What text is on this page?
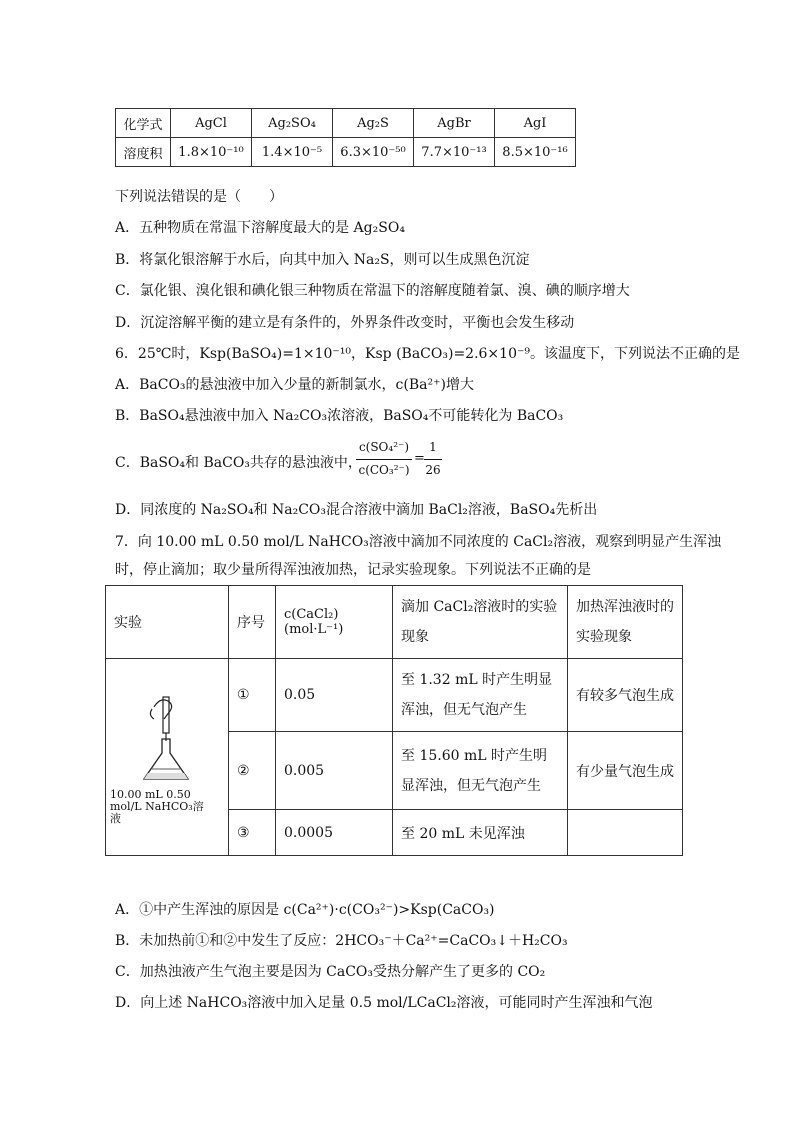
化学式	AgCl	Ag₂SO₄	Ag₂S	AgBr	AgI
溶度积	1.8×10⁻¹⁰	1.4×10⁻⁵	6.3×10⁻⁵⁰	7.7×10⁻¹³	8.5×10⁻¹⁶
下列说法错误的是（　　）
A．五种物质在常温下溶解度最大的是 Ag₂SO₄
B．将氯化银溶解于水后，向其中加入 Na₂S，则可以生成黑色沉淀
C．氯化银、溴化银和碘化银三种物质在常温下的溶解度随着氯、溴、碘的顺序增大
D．沉淀溶解平衡的建立是有条件的，外界条件改变时，平衡也会发生移动
6．25℃时，Ksp(BaSO₄)=1×10⁻¹⁰，Ksp (BaCO₃)=2.6×10⁻⁹。该温度下，下列说法不正确的是
A．BaCO₃的悬浊液中加入少量的新制氯水，c(Ba²⁺)增大
B．BaSO₄悬浊液中加入 Na₂CO₃浓溶液，BaSO₄不可能转化为 BaCO₃
C．BaSO₄和 BaCO₃共存的悬浊液中，
c(SO₄²⁻)
c(CO₃²⁻)
=
1
26
D．同浓度的 Na₂SO₄和 Na₂CO₃混合溶液中滴加 BaCl₂溶液，BaSO₄先析出
7．向 10.00 mL 0.50 mol/L NaHCO₃溶液中滴加不同浓度的 CaCl₂溶液，观察到明显产生浑浊
时，停止滴加；取少量所得浑浊液加热，记录实验现象。下列说法不正确的是
实验	序号	c(CaCl₂)(mol·L⁻¹)	滴加 CaCl₂溶液时的实验现象	加热浑浊液时的实验现象

10.00 mL 0.50 mol/L NaHCO₃溶液	①	0.05	至 1.32 mL 时产生明显浑浊，但无气泡产生	有较多气泡生成
	②	0.005	至 15.60 mL 时产生明显浑浊，但无气泡产生	有少量气泡生成
	③	0.0005	至 20 mL 未见浑浊	
A．①中产生浑浊的原因是 c(Ca²⁺)·c(CO₃²⁻)>Ksp(CaCO₃)
B．未加热前①和②中发生了反应：2HCO₃⁻＋Ca²⁺=CaCO₃↓＋H₂CO₃
C．加热浊液产生气泡主要是因为 CaCO₃受热分解产生了更多的 CO₂
D．向上述 NaHCO₃溶液中加入足量 0.5 mol/LCaCl₂溶液，可能同时产生浑浊和气泡
